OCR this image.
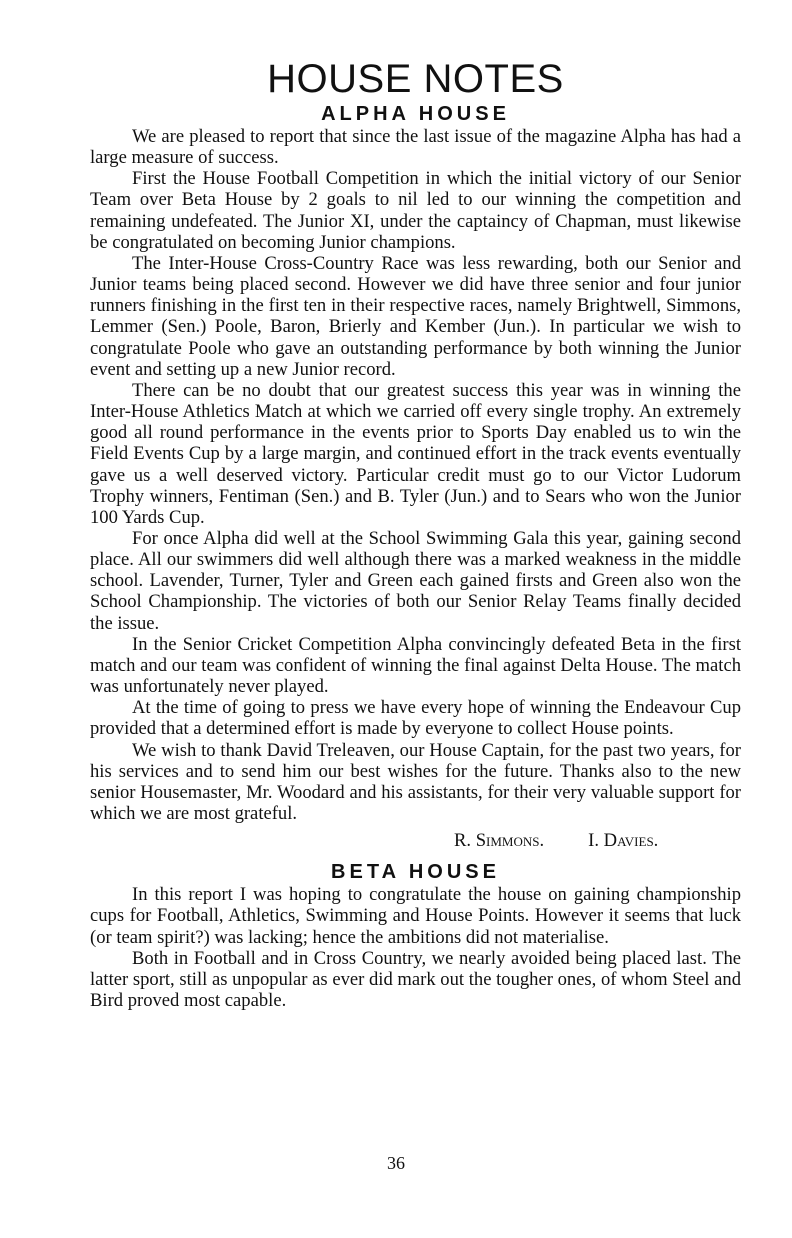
HOUSE NOTES
ALPHA HOUSE

We are pleased to report that since the last issue of the magazine Alpha has had a large measure of success.

First the House Football Competition in which the initial victory of our Senior Team over Beta House by 2 goals to nil led to our winning the competition and remaining undefeated. The Junior XI, under the captaincy of Chapman, must likewise be congratulated on becoming Junior champions.

The Inter-House Cross-Country Race was less rewarding, both our Senior and Junior teams being placed second. However we did have three senior and four junior runners finishing in the first ten in their respective races, namely Brightwell, Simmons, Lemmer (Sen.) Poole, Baron, Brierly and Kember (Jun.). In particular we wish to congratulate Poole who gave an outstanding performance by both winning the Junior event and setting up a new Junior record.

There can be no doubt that our greatest success this year was in winning the Inter-House Athletics Match at which we carried off every single trophy. An extremely good all round performance in the events prior to Sports Day enabled us to win the Field Events Cup by a large margin, and continued effort in the track events eventually gave us a well deserved victory. Particular credit must go to our Victor Ludorum Trophy winners, Fentiman (Sen.) and B. Tyler (Jun.) and to Sears who won the Junior 100 Yards Cup.

For once Alpha did well at the School Swimming Gala this year, gaining second place. All our swimmers did well although there was a marked weakness in the middle school. Lavender, Turner, Tyler and Green each gained firsts and Green also won the School Championship. The victories of both our Senior Relay Teams finally decided the issue.

In the Senior Cricket Competition Alpha convincingly defeated Beta in the first match and our team was confident of winning the final against Delta House. The match was unfortunately never played.

At the time of going to press we have every hope of winning the Endeavour Cup provided that a determined effort is made by everyone to collect House points.

We wish to thank David Treleaven, our House Captain, for the past two years, for his services and to send him our best wishes for the future. Thanks also to the new senior Housemaster, Mr. Woodard and his assistants, for their very valuable support for which we are most grateful.

R. Simmons. I. Davies.
BETA HOUSE

In this report I was hoping to congratulate the house on gaining championship cups for Football, Athletics, Swimming and House Points. However it seems that luck (or team spirit?) was lacking; hence the ambitions did not materialise.

Both in Football and in Cross Country, we nearly avoided being placed last. The latter sport, still as unpopular as ever did mark out the tougher ones, of whom Steel and Bird proved most capable.

36
